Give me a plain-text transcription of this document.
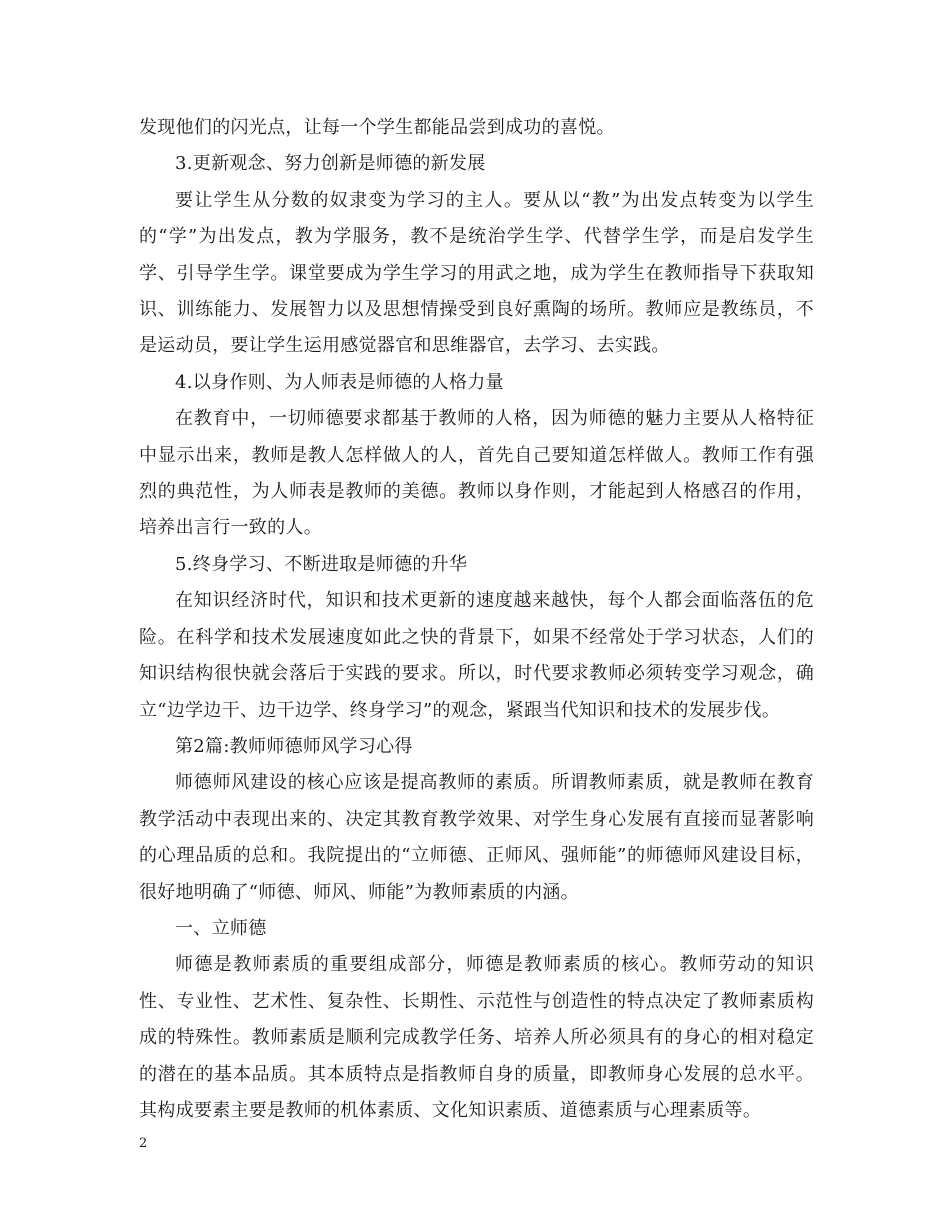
发现他们的闪光点，让每一个学生都能品尝到成功的喜悦。

3.更新观念、努力创新是师德的新发展

要让学生从分数的奴隶变为学习的主人。要从以“教”为出发点转变为以学生的“学”为出发点，教为学服务，教不是统治学生学、代替学生学，而是启发学生学、引导学生学。课堂要成为学生学习的用武之地，成为学生在教师指导下获取知识、训练能力、发展智力以及思想情操受到良好熏陶的场所。教师应是教练员，不是运动员，要让学生运用感觉器官和思维器官，去学习、去实践。

4.以身作则、为人师表是师德的人格力量

在教育中，一切师德要求都基于教师的人格，因为师德的魅力主要从人格特征中显示出来，教师是教人怎样做人的人，首先自己要知道怎样做人。教师工作有强烈的典范性，为人师表是教师的美德。教师以身作则，才能起到人格感召的作用，培养出言行一致的人。

5.终身学习、不断进取是师德的升华

在知识经济时代，知识和技术更新的速度越来越快，每个人都会面临落伍的危险。在科学和技术发展速度如此之快的背景下，如果不经常处于学习状态，人们的知识结构很快就会落后于实践的要求。所以，时代要求教师必须转变学习观念，确立“边学边干、边干边学、终身学习”的观念，紧跟当代知识和技术的发展步伐。

第2篇:教师师德师风学习心得

师德师风建设的核心应该是提高教师的素质。所谓教师素质，就是教师在教育教学活动中表现出来的、决定其教育教学效果、对学生身心发展有直接而显著影响的心理品质的总和。我院提出的“立师德、正师风、强师能”的师德师风建设目标，很好地明确了“师德、师风、师能”为教师素质的内涵。

一、立师德

师德是教师素质的重要组成部分，师德是教师素质的核心。教师劳动的知识性、专业性、艺术性、复杂性、长期性、示范性与创造性的特点决定了教师素质构成的特殊性。教师素质是顺利完成教学任务、培养人所必须具有的身心的相对稳定的潜在的基本品质。其本质特点是指教师自身的质量，即教师身心发展的总水平。其构成要素主要是教师的机体素质、文化知识素质、道德素质与心理素质等。

2
